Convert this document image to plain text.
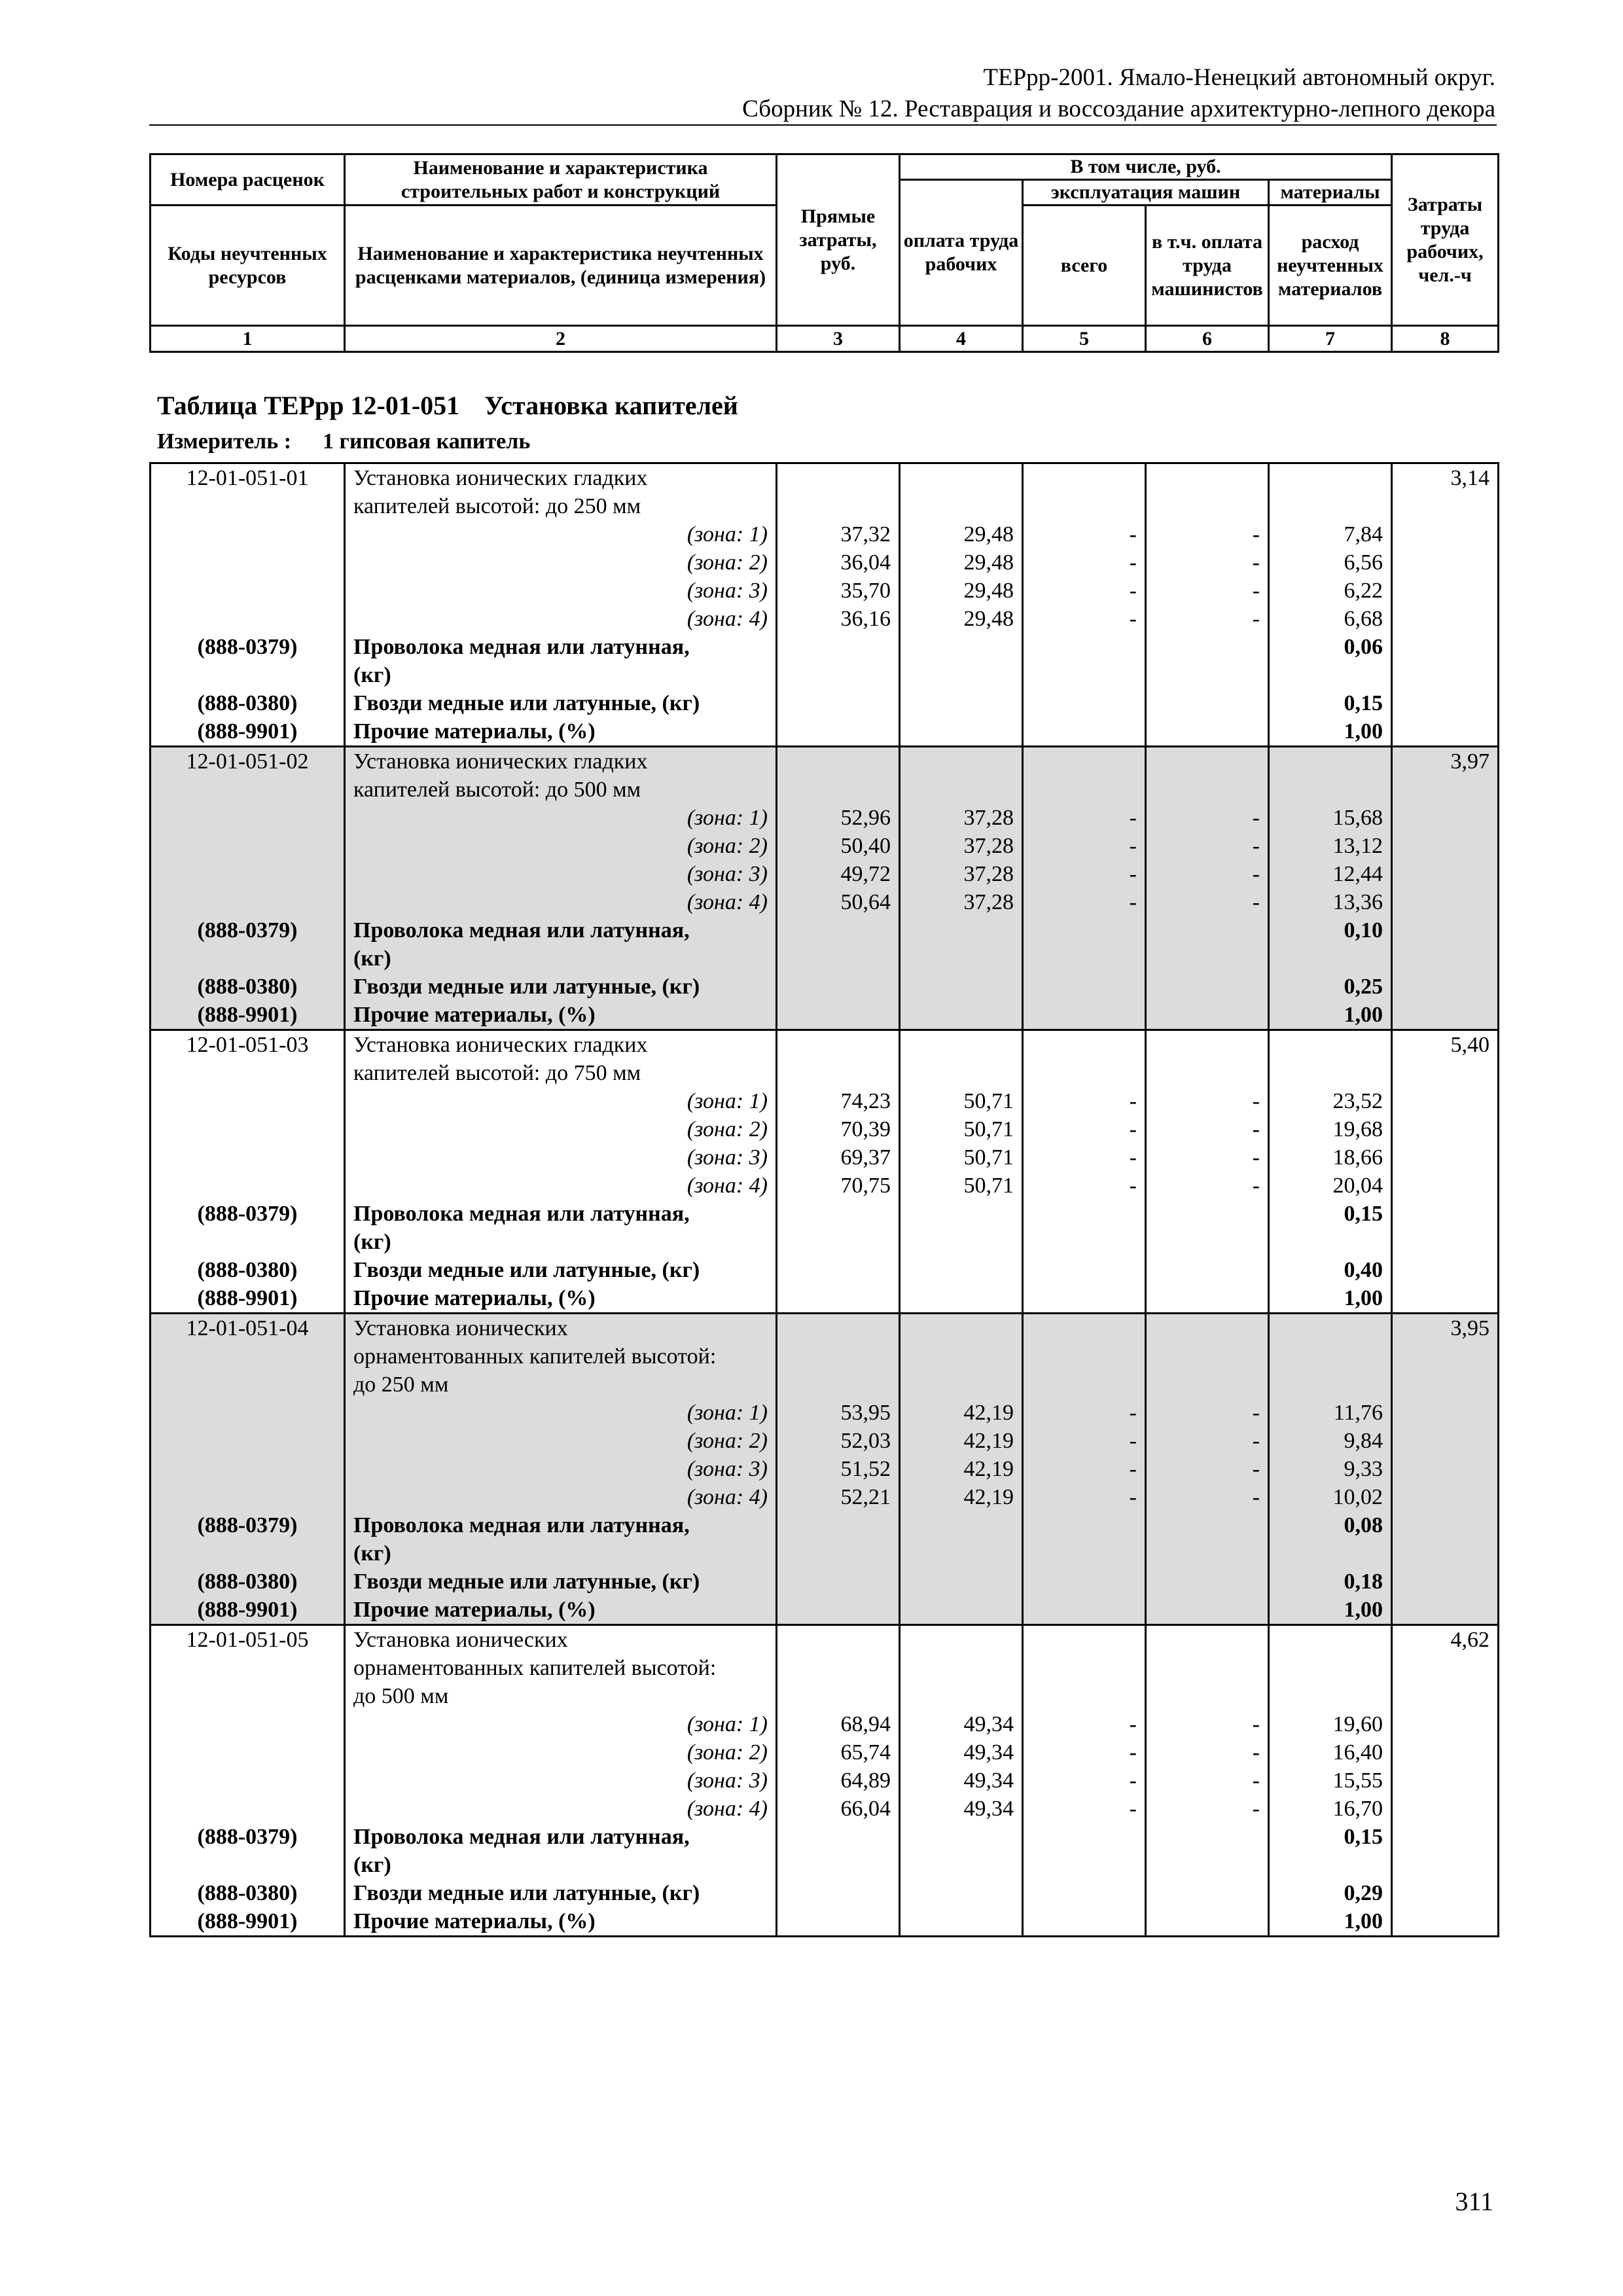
ТЕРрр-2001. Ямало-Ненецкий автономный округ.
Сборник № 12. Реставрация и воссоздание архитектурно-лепного декора
Номера расценок	Наименование и характеристика строительных работ и конструкций	Прямые затраты, руб.	В том числе, руб.				Затраты труда рабочих, чел.-ч
			оплата труда рабочих	эксплуатация машин		материалы	
Коды неучтенных ресурсов	Наименование и характеристика неучтенных расценками материалов, (единица измерения)			всего	в т.ч. оплата труда машинистов	расход неучтенных материалов	

1	2	3	4	5	6	7	8
Таблица ТЕРрр 12-01-051 Установка капителей
Измеритель : 1 гипсовая капитель
12-01-051-01	Установка ионических гладких						3,14
	капителей высотой: до 250 мм						
	(зона: 1)	37,32	29,48	-	-	7,84	
	(зона: 2)	36,04	29,48	-	-	6,56	
	(зона: 3)	35,70	29,48	-	-	6,22	
	(зона: 4)	36,16	29,48	-	-	6,68	
(888-0379)	Проволока медная или латунная,					0,06	
	(кг)						
(888-0380)	Гвозди медные или латунные, (кг)					0,15	
(888-9901)	Прочие материалы, (%)					1,00	
12-01-051-02	Установка ионических гладких						3,97
	капителей высотой: до 500 мм						
	(зона: 1)	52,96	37,28	-	-	15,68	
	(зона: 2)	50,40	37,28	-	-	13,12	
	(зона: 3)	49,72	37,28	-	-	12,44	
	(зона: 4)	50,64	37,28	-	-	13,36	
(888-0379)	Проволока медная или латунная,					0,10	
	(кг)						
(888-0380)	Гвозди медные или латунные, (кг)					0,25	
(888-9901)	Прочие материалы, (%)					1,00	
12-01-051-03	Установка ионических гладких						5,40
	капителей высотой: до 750 мм						
	(зона: 1)	74,23	50,71	-	-	23,52	
	(зона: 2)	70,39	50,71	-	-	19,68	
	(зона: 3)	69,37	50,71	-	-	18,66	
	(зона: 4)	70,75	50,71	-	-	20,04	
(888-0379)	Проволока медная или латунная,					0,15	
	(кг)						
(888-0380)	Гвозди медные или латунные, (кг)					0,40	
(888-9901)	Прочие материалы, (%)					1,00	
12-01-051-04	Установка ионических						3,95
	орнаментованных капителей высотой:						
	до 250 мм						
	(зона: 1)	53,95	42,19	-	-	11,76	
	(зона: 2)	52,03	42,19	-	-	9,84	
	(зона: 3)	51,52	42,19	-	-	9,33	
	(зона: 4)	52,21	42,19	-	-	10,02	
(888-0379)	Проволока медная или латунная,					0,08	
	(кг)						
(888-0380)	Гвозди медные или латунные, (кг)					0,18	
(888-9901)	Прочие материалы, (%)					1,00	
12-01-051-05	Установка ионических						4,62
	орнаментованных капителей высотой:						
	до 500 мм						
	(зона: 1)	68,94	49,34	-	-	19,60	
	(зона: 2)	65,74	49,34	-	-	16,40	
	(зона: 3)	64,89	49,34	-	-	15,55	
	(зона: 4)	66,04	49,34	-	-	16,70	
(888-0379)	Проволока медная или латунная,					0,15	
	(кг)						
(888-0380)	Гвозди медные или латунные, (кг)					0,29	
(888-9901)	Прочие материалы, (%)					1,00	
311
